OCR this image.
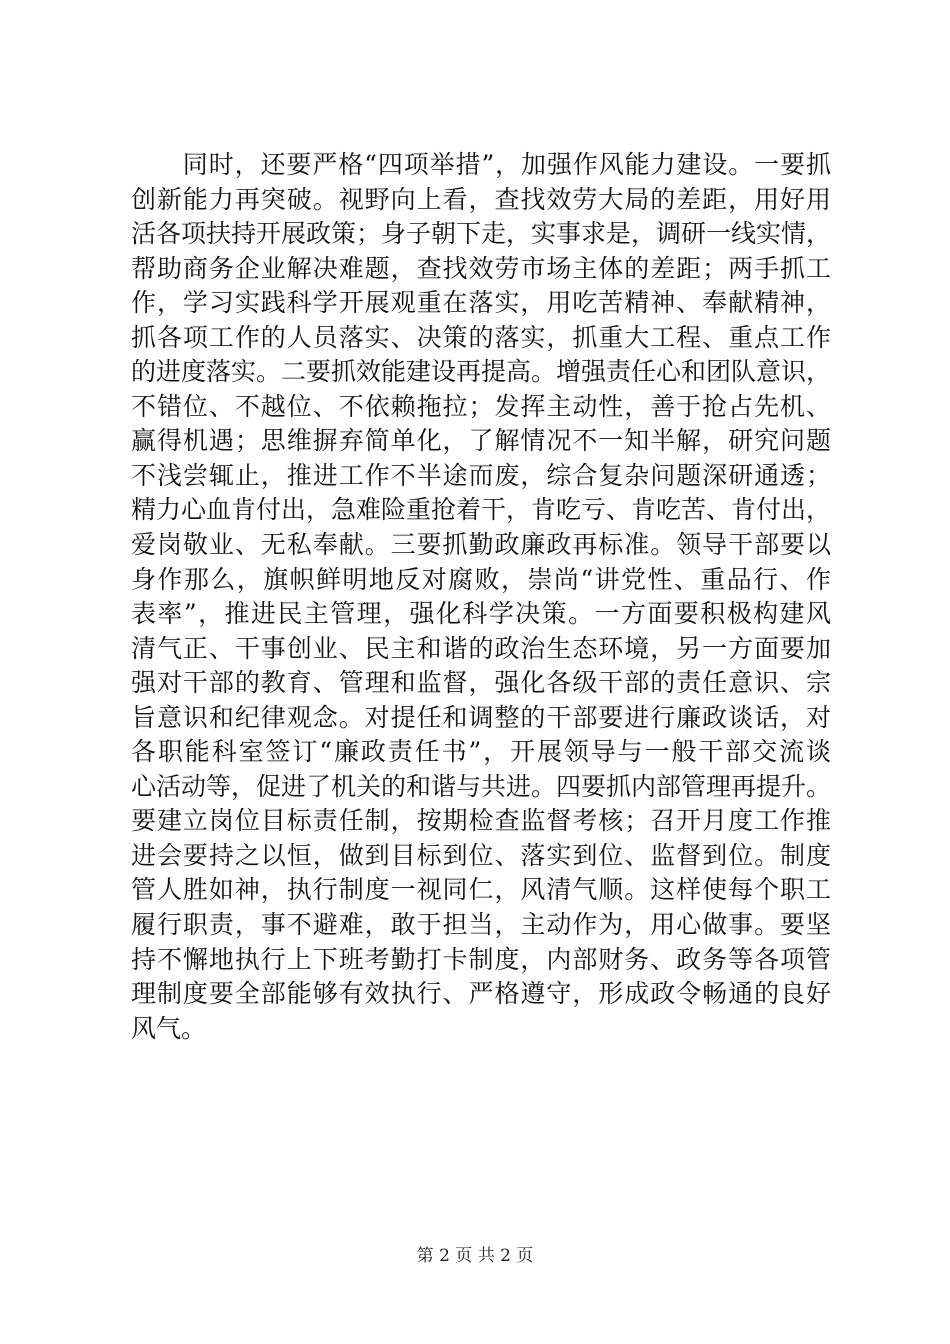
　　同时，还要严格“四项举措”，加强作风能力建设。一要抓
创新能力再突破。视野向上看，查找效劳大局的差距，用好用
活各项扶持开展政策；身子朝下走，实事求是，调研一线实情，
帮助商务企业解决难题，查找效劳市场主体的差距；两手抓工
作，学习实践科学开展观重在落实，用吃苦精神、奉献精神，
抓各项工作的人员落实、决策的落实，抓重大工程、重点工作
的进度落实。二要抓效能建设再提高。增强责任心和团队意识，
不错位、不越位、不依赖拖拉；发挥主动性，善于抢占先机、
赢得机遇；思维摒弃简单化，了解情况不一知半解，研究问题
不浅尝辄止，推进工作不半途而废，综合复杂问题深研通透；
精力心血肯付出，急难险重抢着干，肯吃亏、肯吃苦、肯付出，
爱岗敬业、无私奉献。三要抓勤政廉政再标准。领导干部要以
身作那么，旗帜鲜明地反对腐败，崇尚“讲党性、重品行、作
表率”，推进民主管理，强化科学决策。一方面要积极构建风
清气正、干事创业、民主和谐的政治生态环境，另一方面要加
强对干部的教育、管理和监督，强化各级干部的责任意识、宗
旨意识和纪律观念。对提任和调整的干部要进行廉政谈话，对
各职能科室签订“廉政责任书”，开展领导与一般干部交流谈
心活动等，促进了机关的和谐与共进。四要抓内部管理再提升。
要建立岗位目标责任制，按期检查监督考核；召开月度工作推
进会要持之以恒，做到目标到位、落实到位、监督到位。制度
管人胜如神，执行制度一视同仁，风清气顺。这样使每个职工
履行职责，事不避难，敢于担当，主动作为，用心做事。要坚
持不懈地执行上下班考勤打卡制度，内部财务、政务等各项管
理制度要全部能够有效执行、严格遵守，形成政令畅通的良好
风气。
第 2 页 共 2 页
